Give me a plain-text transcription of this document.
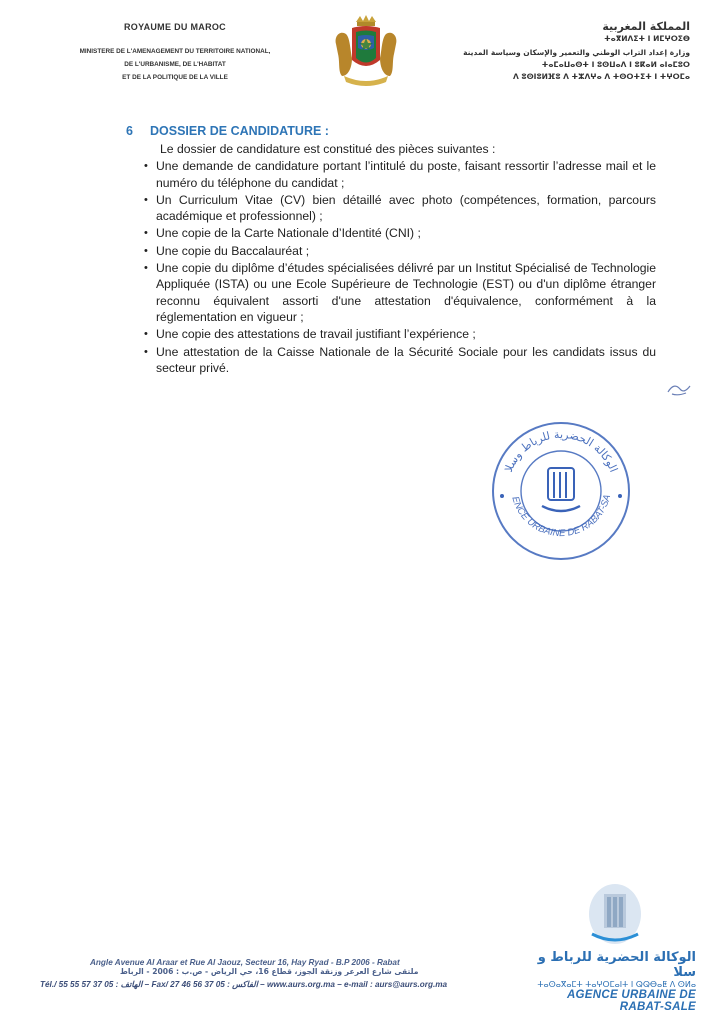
ROYAUME DU MAROC
MINISTERE DE L'AMENAGEMENT DU TERRITOIRE NATIONAL,
DE L'URBANISME, DE L'HABITAT
ET DE LA POLITIQUE DE LA VILLE
المملكة المغربية
ⵜⴰⴳⵍⴷⵉⵜ ⵏ ⵍⵎⵖⵔⵉⴱ
وزارة إعداد التراب الوطني والتعمير والإسكان وسياسة المدينة
ⵜⴰⵎⴰⵡⴰⵙⵜ ⵏ ⵓⵙⵡⴰⴷ ⵏ ⵓⴽⴰⵍ ⴰⵏⴰⵎⵓⵔ
ⴷ ⵓⵙⵏⵓⵍⴼⵓ ⴷ ⵜⵣⴷⵖⴰ ⴷ ⵜⵙⵔⵜⵉⵜ ⵏ ⵜⵖⵔⵎⴰ
6 DOSSIER DE CANDIDATURE :
Le dossier de candidature est constitué des pièces suivantes :
• Une demande de candidature portant l’intitulé du poste, faisant ressortir l’adresse mail et le numéro du téléphone du candidat ;
• Un Curriculum Vitae (CV) bien détaillé avec photo (compétences, formation, parcours académique et professionnel) ;
• Une copie de la Carte Nationale d’Identité (CNI) ;
• Une copie du Baccalauréat ;
• Une copie du diplôme d’études spécialisées délivré par un Institut Spécialisé de Technologie Appliquée (ISTA) ou une Ecole Supérieure de Technologie (EST) ou d'un diplôme étranger reconnu équivalent assorti d'une attestation d'équivalence, conformément à la réglementation en vigueur ;
• Une copie des attestations de travail justifiant l’expérience ;
• Une attestation de la Caisse Nationale de la Sécurité Sociale pour les candidats issus du secteur privé.
الوكالة الحضرية للرباط وسلا
ENCE URBAINE DE RABAT-SA
Angle Avenue Al Araar et Rue Al Jaouz, Secteur 16, Hay Ryad - B.P 2006 - Rabat
ملتقى شارع العرعر وزنقة الجوز، قطاع 16، حي الرياض - ص.ب : 2006 - الرباط
Tél./ الهاتف : 05 37 57 55 55 – Fax/ الفاكس : 05 37 56 46 27 – www.aurs.org.ma – e-mail : aurs@aurs.org.ma
الوكالة الحضرية للرباط و سلا
ⵜⴰⵙⴰⴳⴰⵎⵜ ⵜⴰⵖⵔⵎⴰⵏⵜ ⵏ ⵕⵕⴱⴰⵟ ⴷ ⵙⵍⴰ
AGENCE URBAINE DE RABAT-SALE
